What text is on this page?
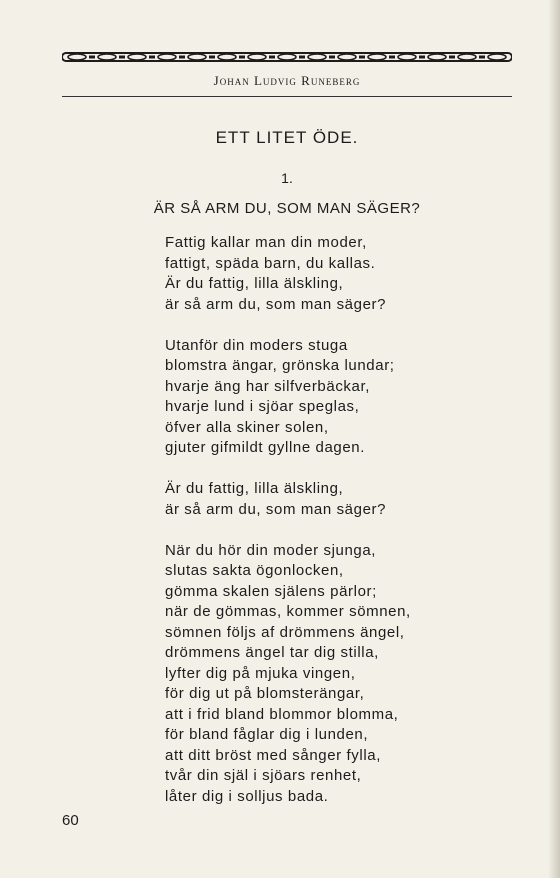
Johan Ludvig Runeberg
ETT LITET ÖDE.
1.
ÄR SÅ ARM DU, SOM MAN SÄGER?
Fattig kallar man din moder,
fattigt, späda barn, du kallas.
Är du fattig, lilla älskling,
är så arm du, som man säger?
Utanför din moders stuga
blomstra ängar, grönska lundar;
hvarje äng har silfverbäckar,
hvarje lund i sjöar speglas,
öfver alla skiner solen,
gjuter gifmildt gyllne dagen.
Är du fattig, lilla älskling,
är så arm du, som man säger?
När du hör din moder sjunga,
slutas sakta ögonlocken,
gömma skalen själens pärlor;
när de gömmas, kommer sömnen,
sömnen följs af drömmens ängel,
drömmens ängel tar dig stilla,
lyfter dig på mjuka vingen,
för dig ut på blomsterängar,
att i frid bland blommor blomma,
för bland fåglar dig i lunden,
att ditt bröst med sånger fylla,
tvår din själ i sjöars renhet,
låter dig i solljus bada.
60
